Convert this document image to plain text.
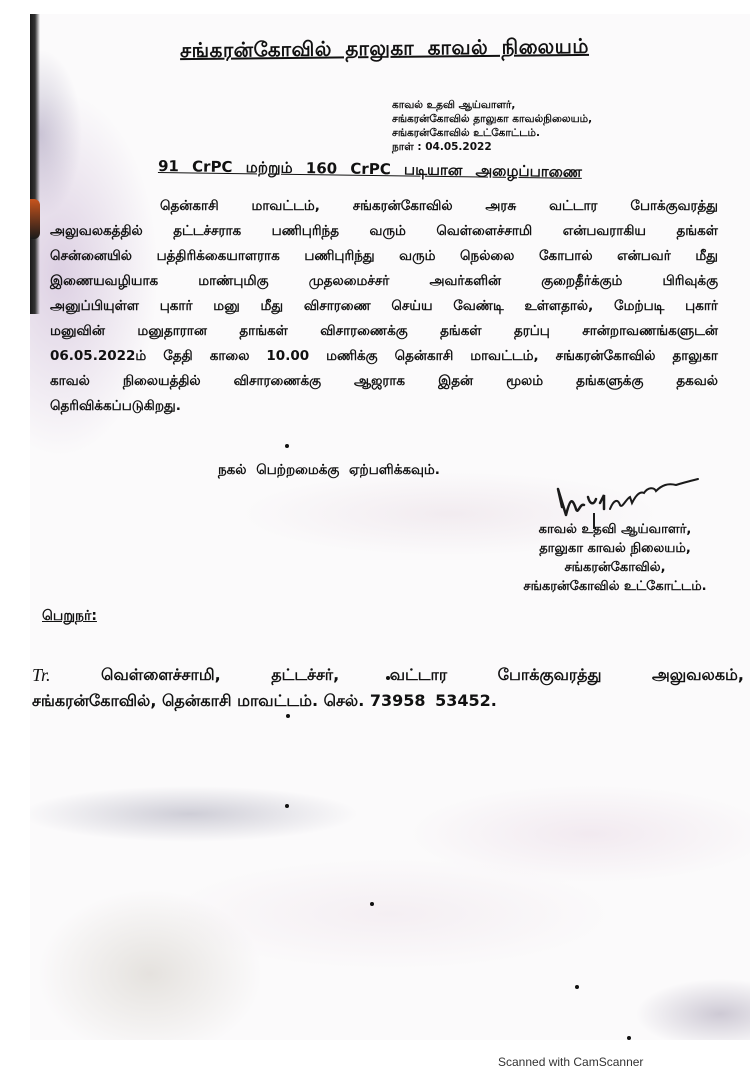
சங்கரன்கோவில் தாலுகா காவல் நிலையம்
காவல் உதவி ஆய்வாளர்,
சங்கரன்கோவில் தாலுகா காவல்நிலையம்,
சங்கரன்கோவில் உட்கோட்டம்.
நாள் : 04.05.2022
91 CrPC மற்றும் 160 CrPC படியான அழைப்பாணை
தென்காசி மாவட்டம், சங்கரன்கோவில் அரசு வட்டார போக்குவரத்து
அலுவலகத்தில் தட்டச்சராக பணிபுரிந்த வரும் வெள்ளைச்சாமி என்பவராகிய தங்கள்
சென்னையில் பத்திரிக்கையாளராக பணிபுரிந்து வரும் நெல்லை கோபால் என்பவர் மீது
இணையவழியாக	மாண்புமிகு	முதலமைச்சர்	அவர்களின்	குறைதீர்க்கும்	பிரிவுக்கு
அனுப்பியுள்ள புகார் மனு மீது விசாரணை செய்ய வேண்டி உள்ளதால், மேற்படி புகார்
மனுவின் மனுதாரான தாங்கள் விசாரணைக்கு தங்கள் தரப்பு சான்றாவணங்களுடன்
06.05.2022ம் தேதி காலை 10.00 மணிக்கு தென்காசி மாவட்டம், சங்கரன்கோவில் தாலுகா
காவல் நிலையத்தில் விசாரணைக்கு ஆஜராக இதன் மூலம் தங்களுக்கு தகவல்
தெரிவிக்கப்படுகிறது.
நகல் பெற்றமைக்கு ஏற்பளிக்கவும்.
காவல் உதவி ஆய்வாளர்,
தாலுகா காவல் நிலையம்,
சங்கரன்கோவில்,
சங்கரன்கோவில் உட்கோட்டம்.
பெறுநர்:
Tr.	வெள்ளைச்சாமி,	தட்டச்சர்,	வட்டார	போக்குவரத்து	அலுவலகம்,
சங்கரன்கோவில், தென்காசி மாவட்டம். செல். 73958 53452.
Scanned with CamScanner
